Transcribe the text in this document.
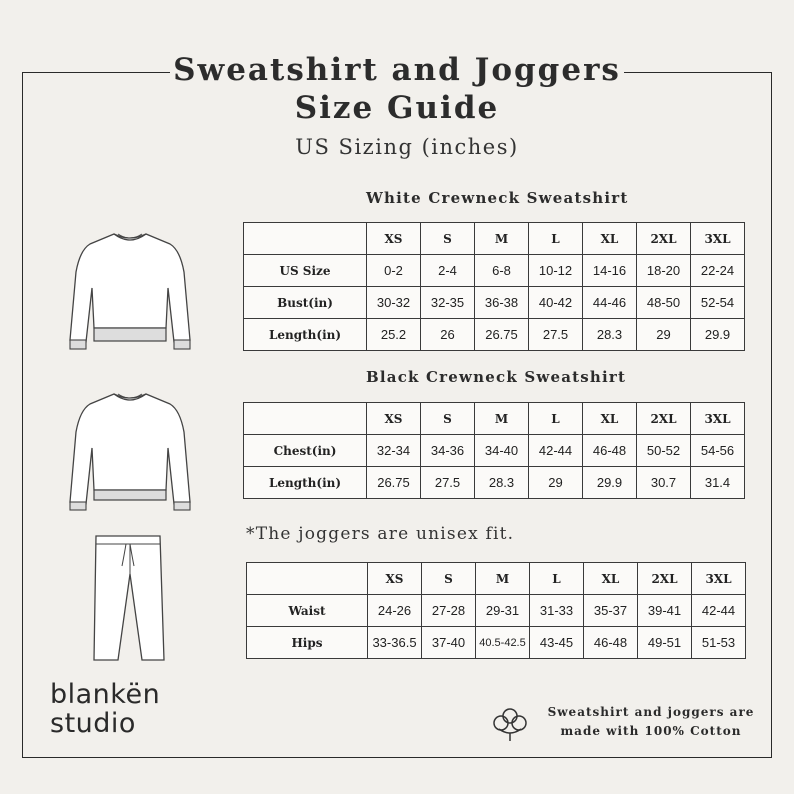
Sweatshirt and Joggers
Size Guide
US Sizing (inches)
White Crewneck Sweatshirt
	XS	S	M	L	XL	2XL	3XL
US Size	0-2	2-4	6-8	10-12	14-16	18-20	22-24
Bust(in)	30-32	32-35	36-38	40-42	44-46	48-50	52-54
Length(in)	25.2	26	26.75	27.5	28.3	29	29.9
Black Crewneck Sweatshirt
	XS	S	M	L	XL	2XL	3XL
Chest(in)	32-34	34-36	34-40	42-44	46-48	50-52	54-56
Length(in)	26.75	27.5	28.3	29	29.9	30.7	31.4
*The joggers are unisex fit.
	XS	S	M	L	XL	2XL	3XL
Waist	24-26	27-28	29-31	31-33	35-37	39-41	42-44
Hips	33-36.5	37-40	40.5-42.5	43-45	46-48	49-51	51-53
blankën
studio	Sweatshirt and joggers are
made with 100% Cotton
